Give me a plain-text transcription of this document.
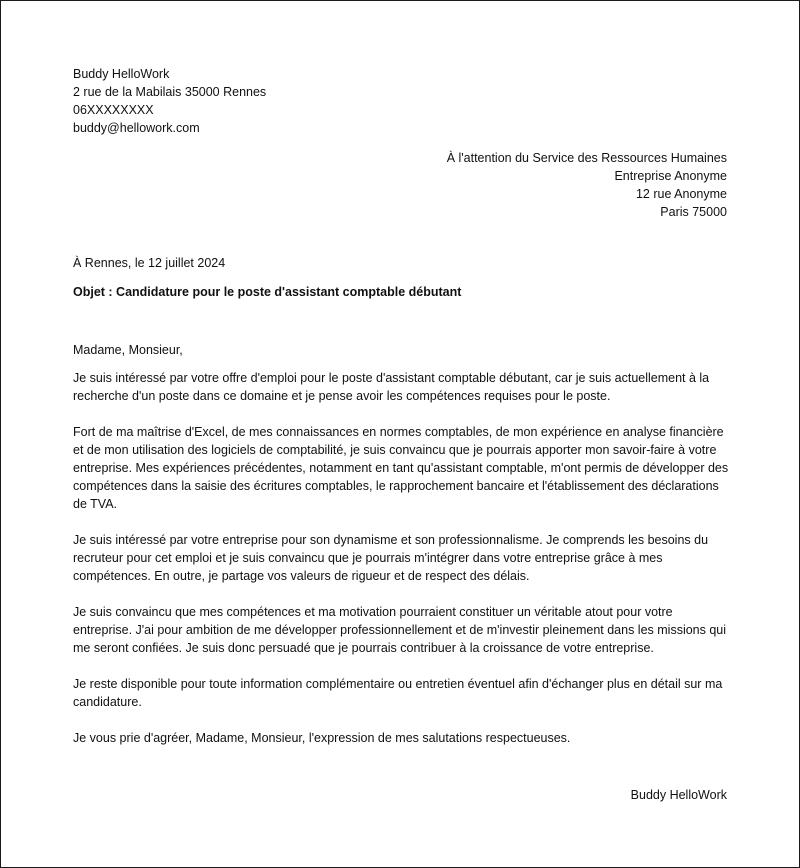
Buddy HelloWork
2 rue de la Mabilais 35000 Rennes
06XXXXXXXX
buddy@hellowork.com
À l'attention du Service des Ressources Humaines
Entreprise Anonyme
12 rue Anonyme
Paris 75000
À Rennes, le 12 juillet 2024
Objet : Candidature pour le poste d'assistant comptable débutant

Madame, Monsieur,

Je suis intéressé par votre offre d'emploi pour le poste d'assistant comptable débutant, car je suis actuellement à la recherche d'un poste dans ce domaine et je pense avoir les compétences requises pour le poste.

Fort de ma maîtrise d'Excel, de mes connaissances en normes comptables, de mon expérience en analyse financière et de mon utilisation des logiciels de comptabilité, je suis convaincu que je pourrais apporter mon savoir-faire à votre entreprise. Mes expériences précédentes, notamment en tant qu'assistant comptable, m'ont permis de développer des compétences dans la saisie des écritures comptables, le rapprochement bancaire et l'établissement des déclarations de TVA.

Je suis intéressé par votre entreprise pour son dynamisme et son professionnalisme. Je comprends les besoins du recruteur pour cet emploi et je suis convaincu que je pourrais m'intégrer dans votre entreprise grâce à mes compétences. En outre, je partage vos valeurs de rigueur et de respect des délais.

Je suis convaincu que mes compétences et ma motivation pourraient constituer un véritable atout pour votre entreprise. J'ai pour ambition de me développer professionnellement et de m'investir pleinement dans les missions qui me seront confiées. Je suis donc persuadé que je pourrais contribuer à la croissance de votre entreprise.

Je reste disponible pour toute information complémentaire ou entretien éventuel afin d'échanger plus en détail sur ma candidature.

Je vous prie d'agréer, Madame, Monsieur, l'expression de mes salutations respectueuses.

Buddy HelloWork
